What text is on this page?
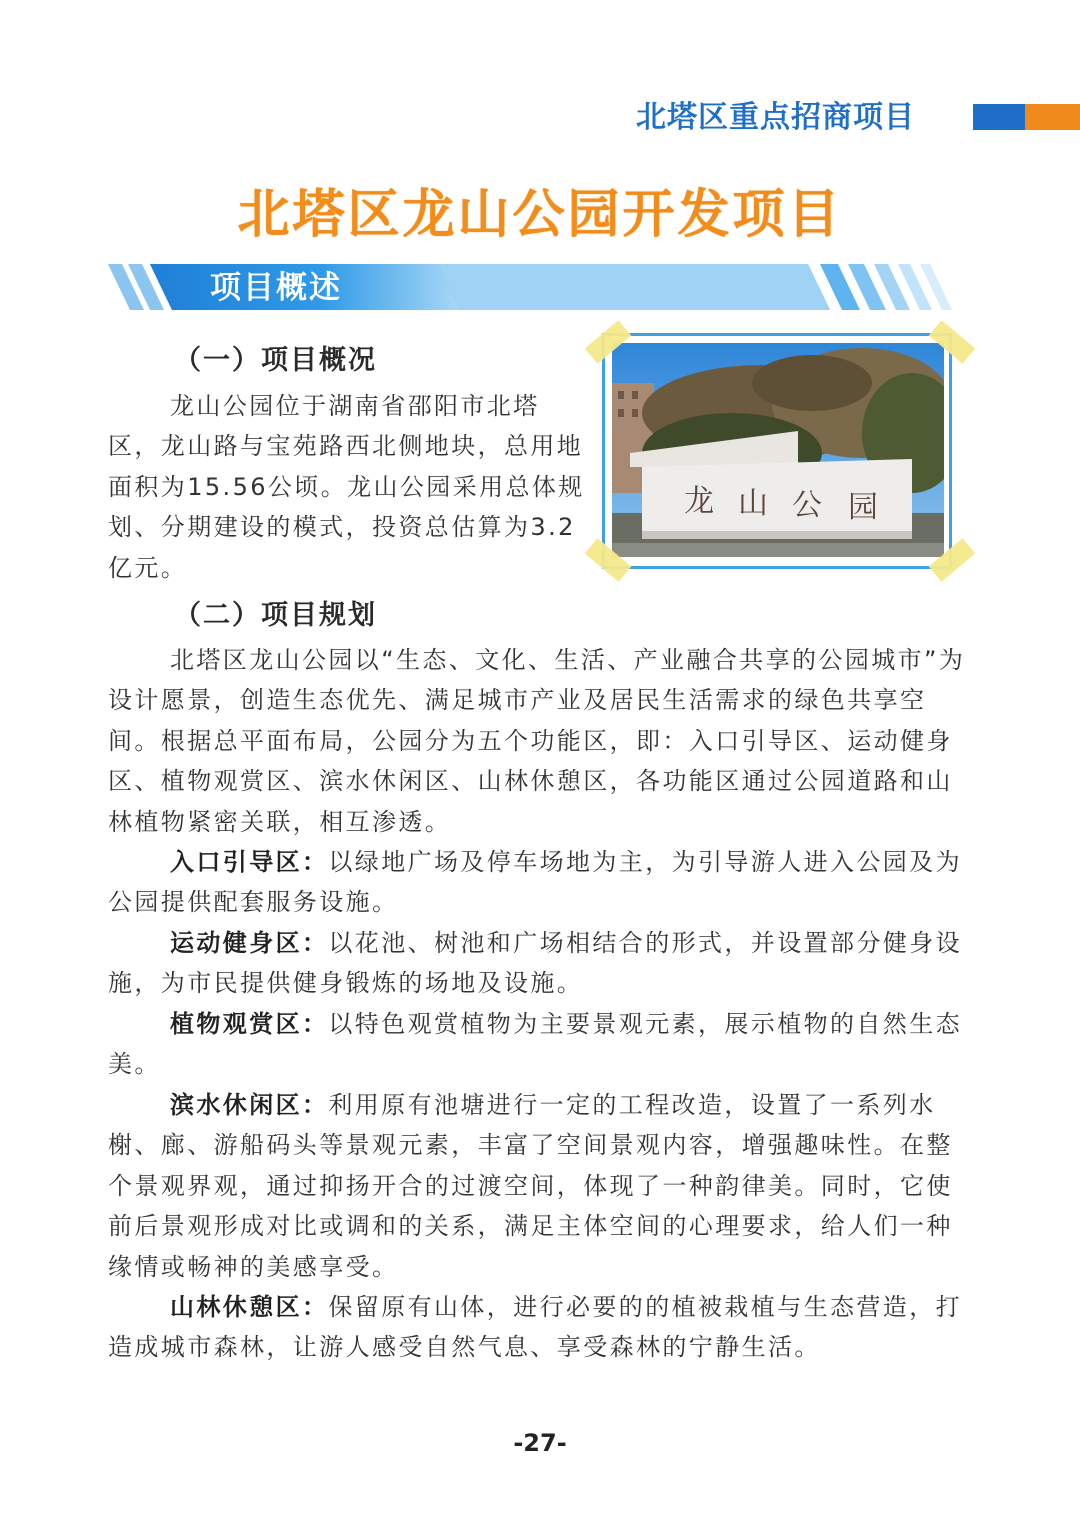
北塔区重点招商项目
北塔区龙山公园开发项目
项目概述
龙 山 公 园
（一）项目概况
龙山公园位于湖南省邵阳市北塔区，龙山路与宝苑路西北侧地块，总用地面积为15.56公顷。龙山公园采用总体规划、分期建设的模式，投资总估算为3.2亿元。
（二）项目规划
北塔区龙山公园以“生态、文化、生活、产业融合共享的公园城市”为设计愿景，创造生态优先、满足城市产业及居民生活需求的绿色共享空间。根据总平面布局，公园分为五个功能区，即：入口引导区、运动健身区、植物观赏区、滨水休闲区、山林休憩区，各功能区通过公园道路和山林植物紧密关联，相互渗透。
入口引导区：以绿地广场及停车场地为主，为引导游人进入公园及为公园提供配套服务设施。
运动健身区：以花池、树池和广场相结合的形式，并设置部分健身设施，为市民提供健身锻炼的场地及设施。
植物观赏区：以特色观赏植物为主要景观元素，展示植物的自然生态美。
滨水休闲区：利用原有池塘进行一定的工程改造，设置了一系列水榭、廊、游船码头等景观元素，丰富了空间景观内容，增强趣味性。在整个景观界观，通过抑扬开合的过渡空间，体现了一种韵律美。同时，它使前后景观形成对比或调和的关系，满足主体空间的心理要求，给人们一种缘情或畅神的美感享受。
山林休憩区：保留原有山体，进行必要的的植被栽植与生态营造，打造成城市森林，让游人感受自然气息、享受森林的宁静生活。
-27-
